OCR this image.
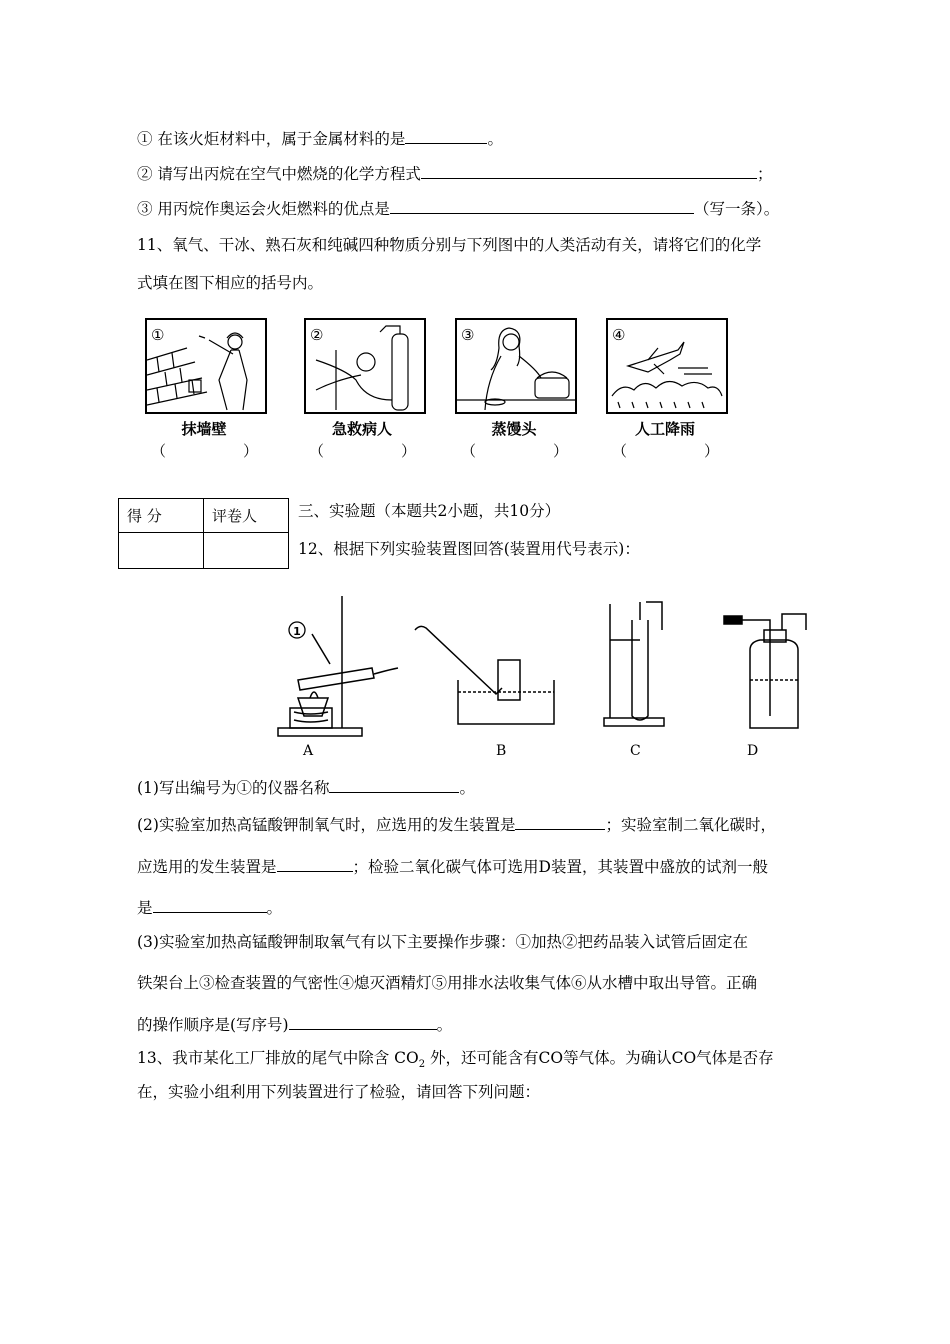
① 在该火炬材料中，属于金属材料的是	。
② 请写出丙烷在空气中燃烧的化学方程式	；
③ 用丙烷作奥运会火炬燃料的优点是	（写一条）。
11、氧气、干冰、熟石灰和纯碱四种物质分别与下列图中的人类活动有关，请将它们的化学
式填在图下相应的括号内。
①
抹墙壁
（	）
②
急救病人
（	）
③
蒸馒头
（	）
④
人工降雨
（	）
得 分	评卷人
		三、实验题（本题共2小题，共10分）
12、根据下列实验装置图回答(装置用代号表示)：
1
A	B	C	D
(1)写出编号为①的仪器名称	。
(2)实验室加热高锰酸钾制氧气时，应选用的发生装置是	；实验室制二氧化碳时，
应选用的发生装置是	；检验二氧化碳气体可选用D装置，其装置中盛放的试剂一般
是	。
(3)实验室加热高锰酸钾制取氧气有以下主要操作步骤：①加热②把药品装入试管后固定在
铁架台上③检查装置的气密性④熄灭酒精灯⑤用排水法收集气体⑥从水槽中取出导管。正确
的操作顺序是(写序号)	。
13、我市某化工厂排放的尾气中除含 $CO_2$ 外，还可能含有CO等气体。为确认CO气体是否存
在，实验小组利用下列装置进行了检验，请回答下列问题：
